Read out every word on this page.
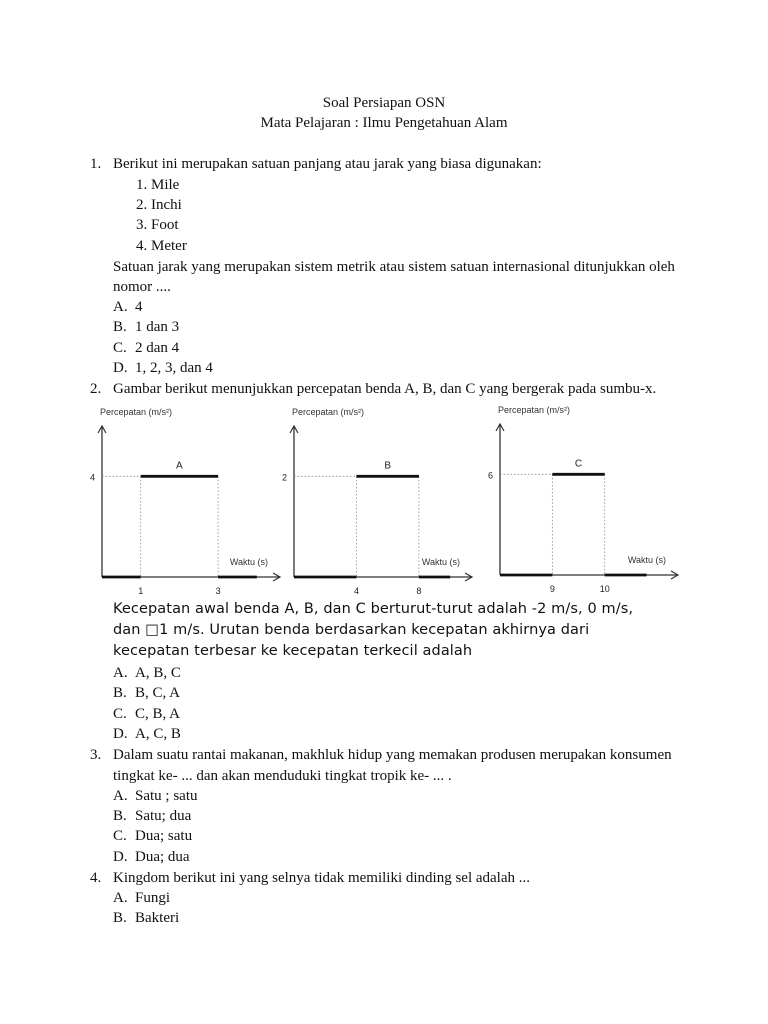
Soal Persiapan OSN
Mata Pelajaran : Ilmu Pengetahuan Alam
1. Berikut ini merupakan satuan panjang atau jarak yang biasa digunakan:
1. Mile
2. Inchi
3. Foot
4. Meter
Satuan jarak yang merupakan sistem metrik atau sistem satuan internasional ditunjukkan oleh
nomor ....
A. 4
B. 1 dan 3
C. 2 dan 4
D. 1, 2, 3, dan 4
2. Gambar berikut menunjukkan percepatan benda A, B, dan C yang bergerak pada sumbu-x.
Percepatan (m/s²)
Waktu (s)
A
4
1	3
Percepatan (m/s²)
Waktu (s)
B
2
4	8
Percepatan (m/s²)
Waktu (s)
C
6
9	10
Kecepatan awal benda A, B, dan C berturut-turut adalah -2 m/s, 0 m/s,
dan □1 m/s. Urutan benda berdasarkan kecepatan akhirnya dari
kecepatan terbesar ke kecepatan terkecil adalah
A. A, B, C
B. B, C, A
C. C, B, A
D. A, C, B
3. Dalam suatu rantai makanan, makhluk hidup yang memakan produsen merupakan konsumen
tingkat ke- ... dan akan menduduki tingkat tropik ke- ... .
A. Satu ; satu
B. Satu; dua
C. Dua; satu
D. Dua; dua
4. Kingdom berikut ini yang selnya tidak memiliki dinding sel adalah ...
A. Fungi
B. Bakteri
